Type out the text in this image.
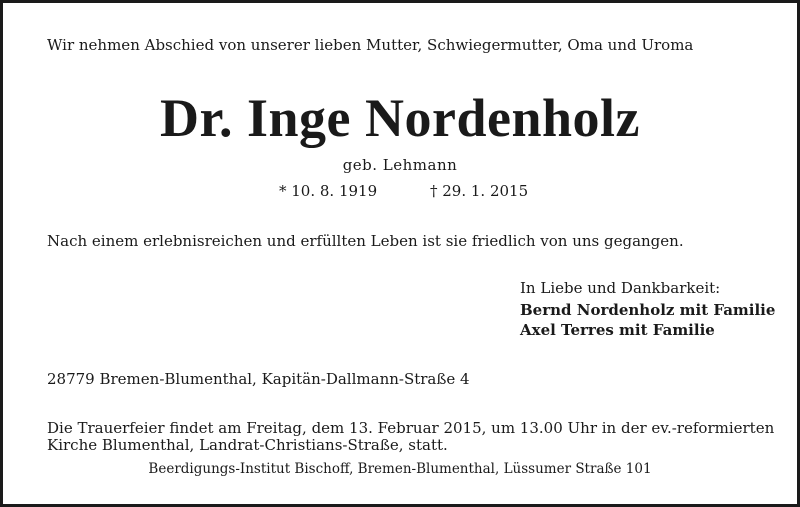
Wir nehmen Abschied von unserer lieben Mutter, Schwiegermutter, Oma und Uroma
Dr. Inge Nordenholz
geb. Lehmann
* 10. 8. 1919	† 29. 1. 2015
Nach einem erlebnisreichen und erfüllten Leben ist sie friedlich von uns gegangen.
In Liebe und Dankbarkeit:
Bernd Nordenholz mit Familie
Axel Terres mit Familie
28779 Bremen-Blumenthal, Kapitän-Dallmann-Straße 4
Die Trauerfeier findet am Freitag, dem 13. Februar 2015, um 13.00 Uhr in der ev.-reformierten
Kirche Blumenthal, Landrat-Christians-Straße, statt.
Beerdigungs-Institut Bischoff, Bremen-Blumenthal, Lüssumer Straße 101
